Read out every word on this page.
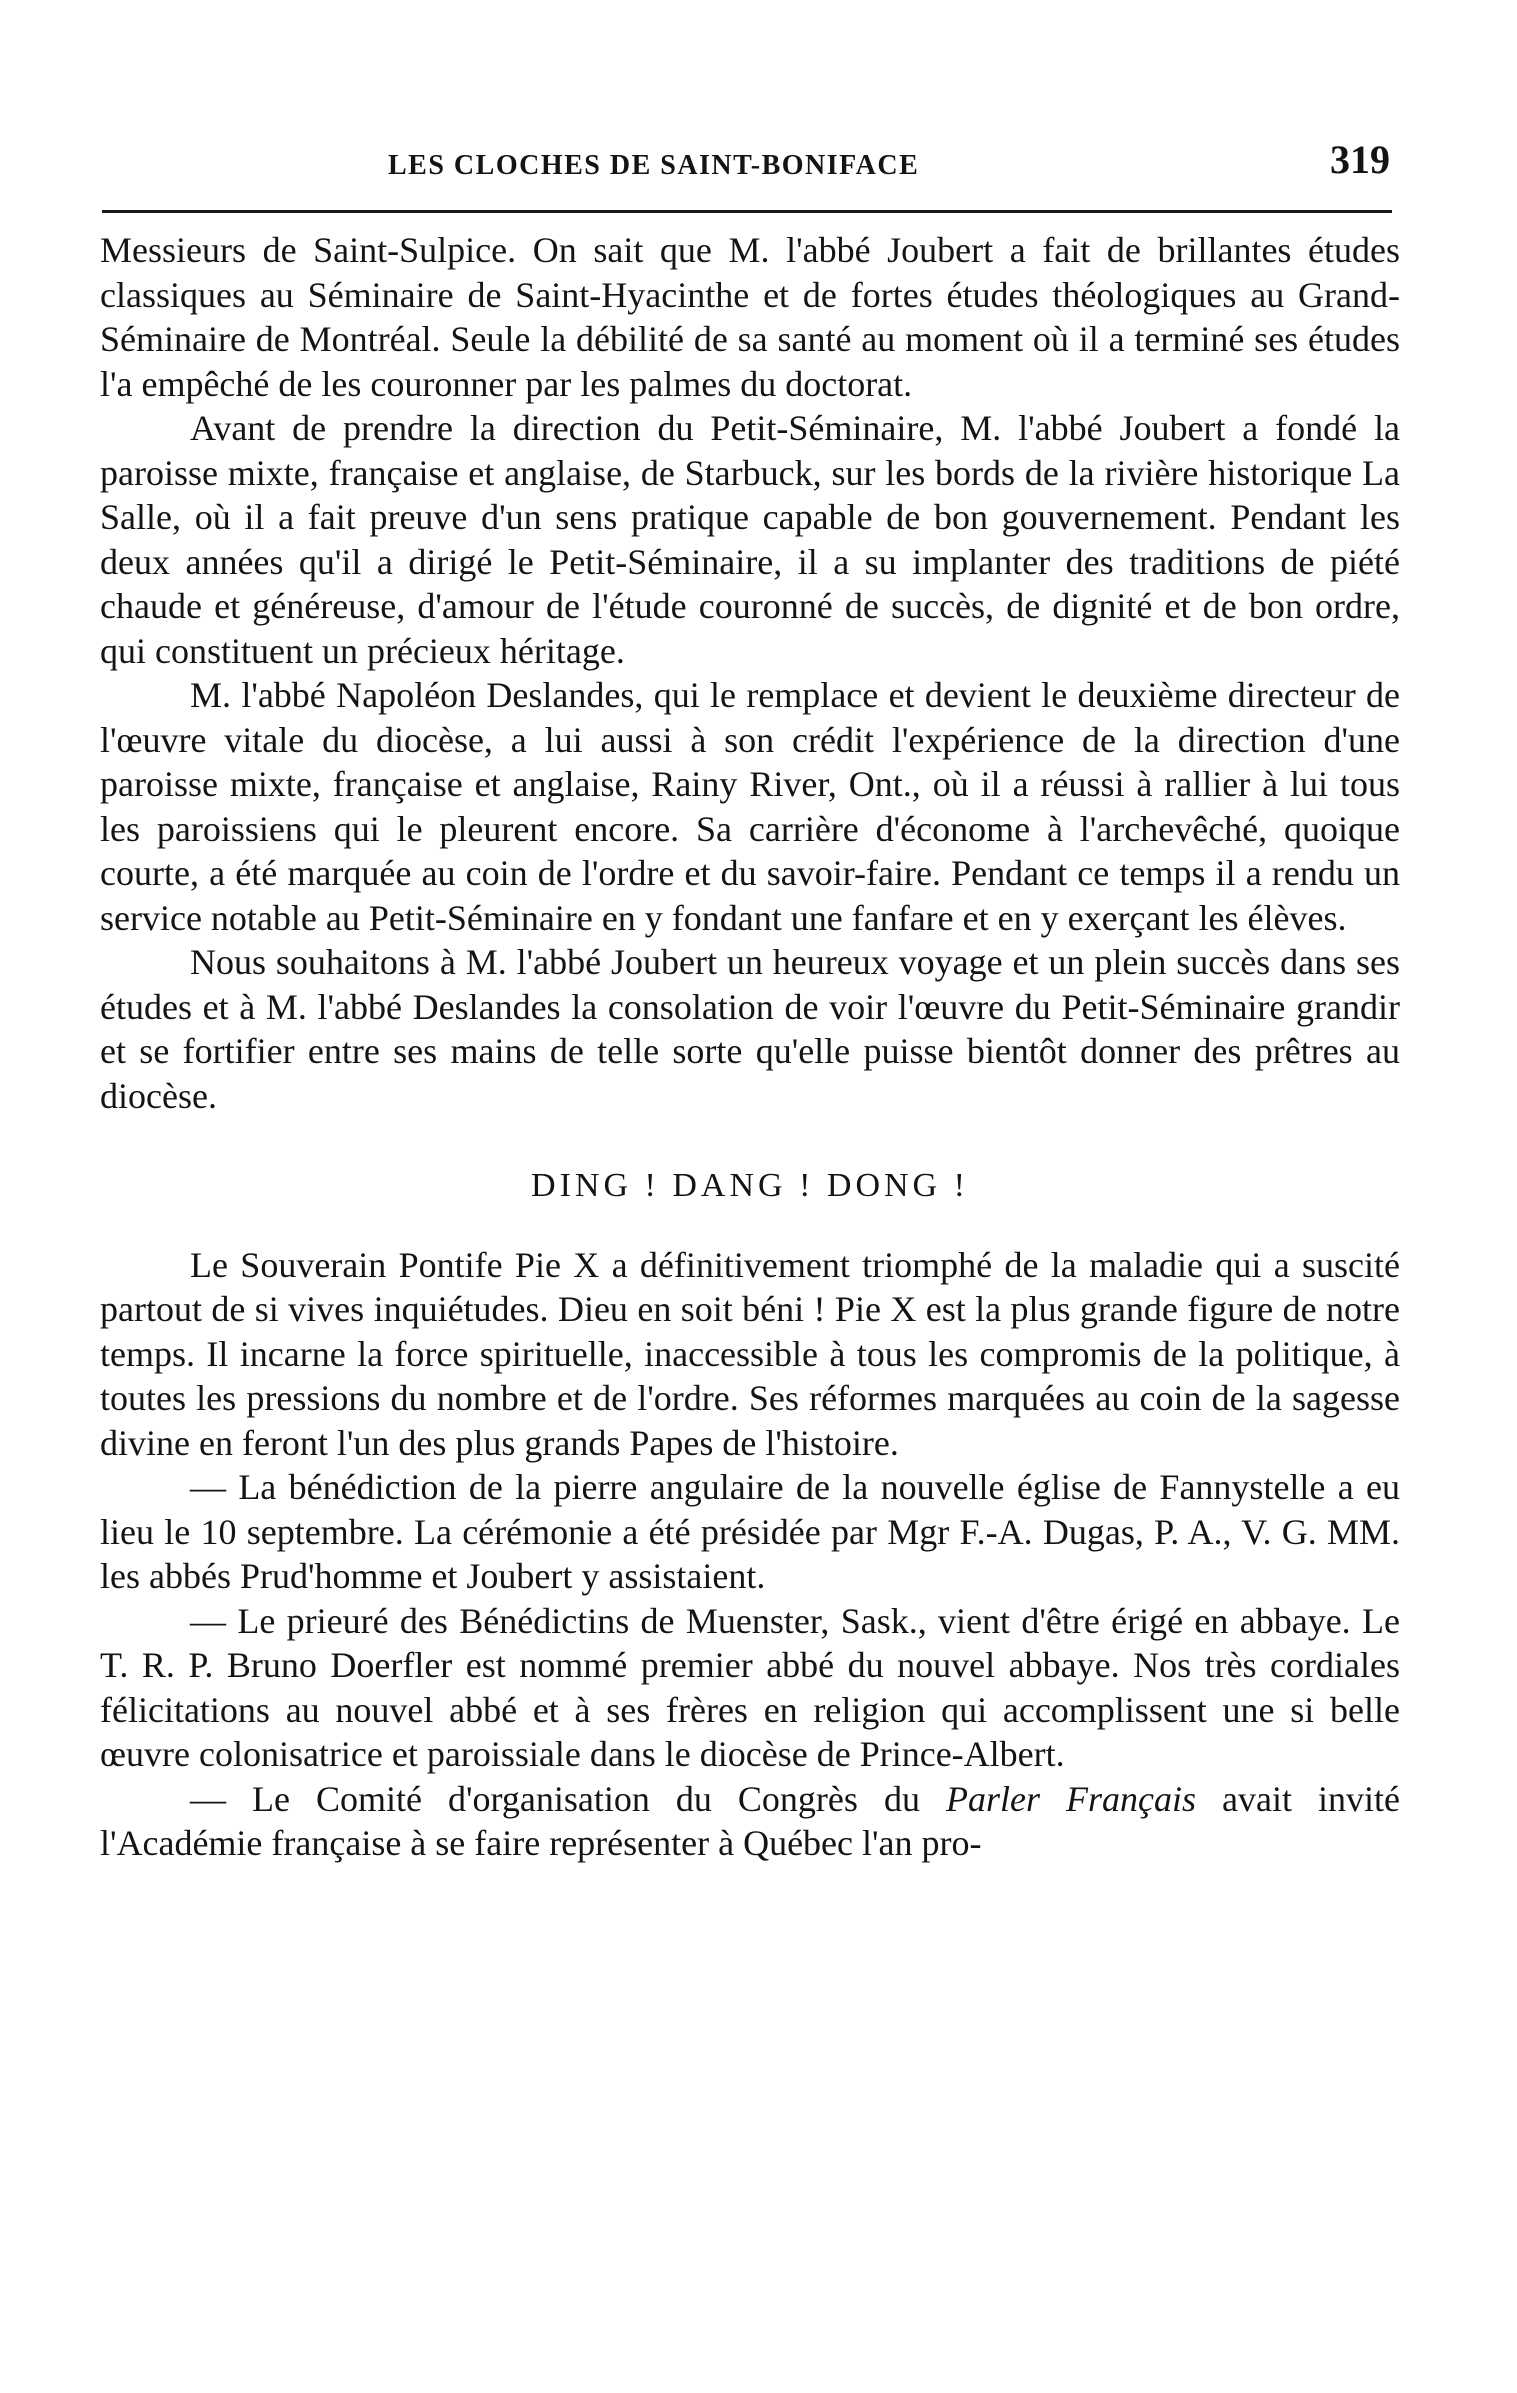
LES CLOCHES DE SAINT-BONIFACE	319

Messieurs de Saint-Sulpice. On sait que M. l'abbé Joubert a fait de brillantes études classiques au Séminaire de Saint-Hyacinthe et de fortes études théologiques au Grand-Séminaire de Montréal. Seule la débilité de sa santé au moment où il a terminé ses études l'a empêché de les couronner par les palmes du doctorat.

Avant de prendre la direction du Petit-Séminaire, M. l'abbé Joubert a fondé la paroisse mixte, française et anglaise, de Starbuck, sur les bords de la rivière historique La Salle, où il a fait preuve d'un sens pratique capable de bon gouvernement. Pendant les deux années qu'il a dirigé le Petit-Séminaire, il a su implanter des traditions de piété chaude et généreuse, d'amour de l'étude couronné de succès, de dignité et de bon ordre, qui constituent un précieux héritage.

M. l'abbé Napoléon Deslandes, qui le remplace et devient le deuxième directeur de l'œuvre vitale du diocèse, a lui aussi à son crédit l'expérience de la direction d'une paroisse mixte, française et anglaise, Rainy River, Ont., où il a réussi à rallier à lui tous les paroissiens qui le pleurent encore. Sa carrière d'économe à l'archevêché, quoique courte, a été marquée au coin de l'ordre et du savoir-faire. Pendant ce temps il a rendu un service notable au Petit-Séminaire en y fondant une fanfare et en y exerçant les élèves.

Nous souhaitons à M. l'abbé Joubert un heureux voyage et un plein succès dans ses études et à M. l'abbé Deslandes la consolation de voir l'œuvre du Petit-Séminaire grandir et se fortifier entre ses mains de telle sorte qu'elle puisse bientôt donner des prêtres au diocèse.

DING ! DANG ! DONG !

Le Souverain Pontife Pie X a définitivement triomphé de la maladie qui a suscité partout de si vives inquiétudes. Dieu en soit béni ! Pie X est la plus grande figure de notre temps. Il incarne la force spirituelle, inaccessible à tous les compromis de la politique, à toutes les pressions du nombre et de l'ordre. Ses réformes marquées au coin de la sagesse divine en feront l'un des plus grands Papes de l'histoire.

— La bénédiction de la pierre angulaire de la nouvelle église de Fannystelle a eu lieu le 10 septembre. La cérémonie a été présidée par Mgr F.-A. Dugas, P. A., V. G. MM. les abbés Prud'homme et Joubert y assistaient.

— Le prieuré des Bénédictins de Muenster, Sask., vient d'être érigé en abbaye. Le T. R. P. Bruno Doerfler est nommé premier abbé du nouvel abbaye. Nos très cordiales félicitations au nouvel abbé et à ses frères en religion qui accomplissent une si belle œuvre colonisatrice et paroissiale dans le diocèse de Prince-Albert.

— Le Comité d'organisation du Congrès du Parler Français avait invité l'Académie française à se faire représenter à Québec l'an pro-
